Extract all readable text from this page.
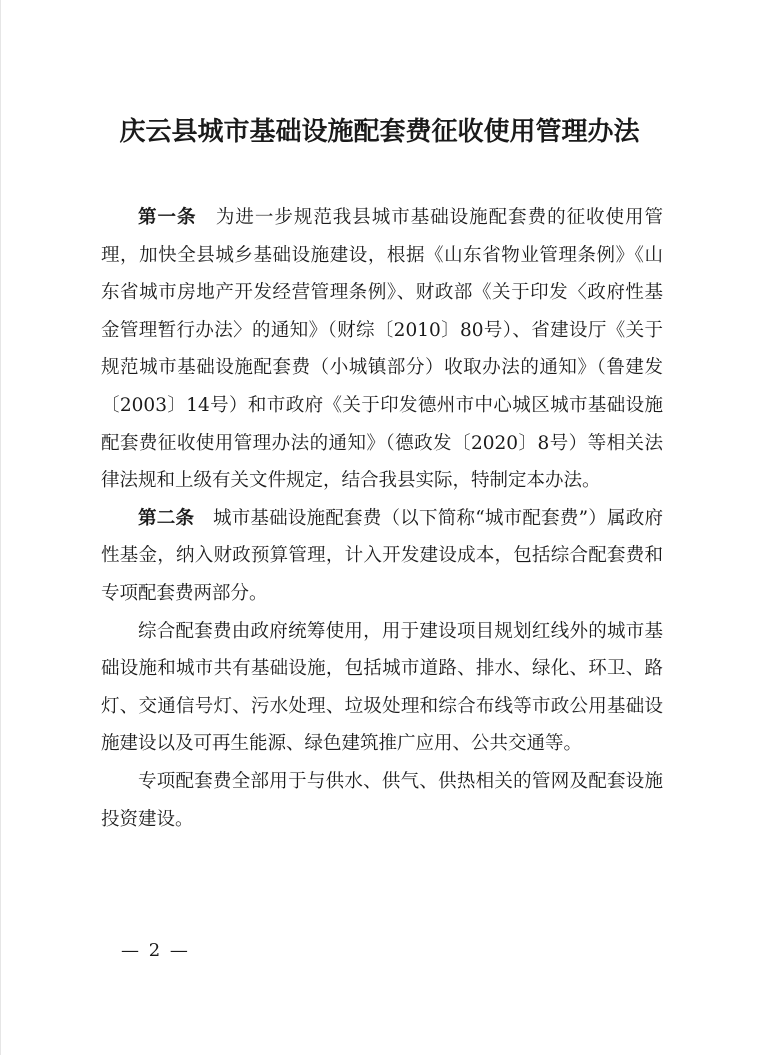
庆云县城市基础设施配套费征收使用管理办法

第一条  为进一步规范我县城市基础设施配套费的征收使用管理，加快全县城乡基础设施建设，根据《山东省物业管理条例》《山东省城市房地产开发经营管理条例》、财政部《关于印发〈政府性基金管理暂行办法〉的通知》（财综〔2010〕80号）、省建设厅《关于规范城市基础设施配套费（小城镇部分）收取办法的通知》（鲁建发〔2003〕14号）和市政府《关于印发德州市中心城区城市基础设施配套费征收使用管理办法的通知》（德政发〔2020〕8号）等相关法律法规和上级有关文件规定，结合我县实际，特制定本办法。

第二条  城市基础设施配套费（以下简称“城市配套费”）属政府性基金，纳入财政预算管理，计入开发建设成本，包括综合配套费和专项配套费两部分。

综合配套费由政府统筹使用，用于建设项目规划红线外的城市基础设施和城市共有基础设施，包括城市道路、排水、绿化、环卫、路灯、交通信号灯、污水处理、垃圾处理和综合布线等市政公用基础设施建设以及可再生能源、绿色建筑推广应用、公共交通等。

专项配套费全部用于与供水、供气、供热相关的管网及配套设施投资建设。

— 2 —
